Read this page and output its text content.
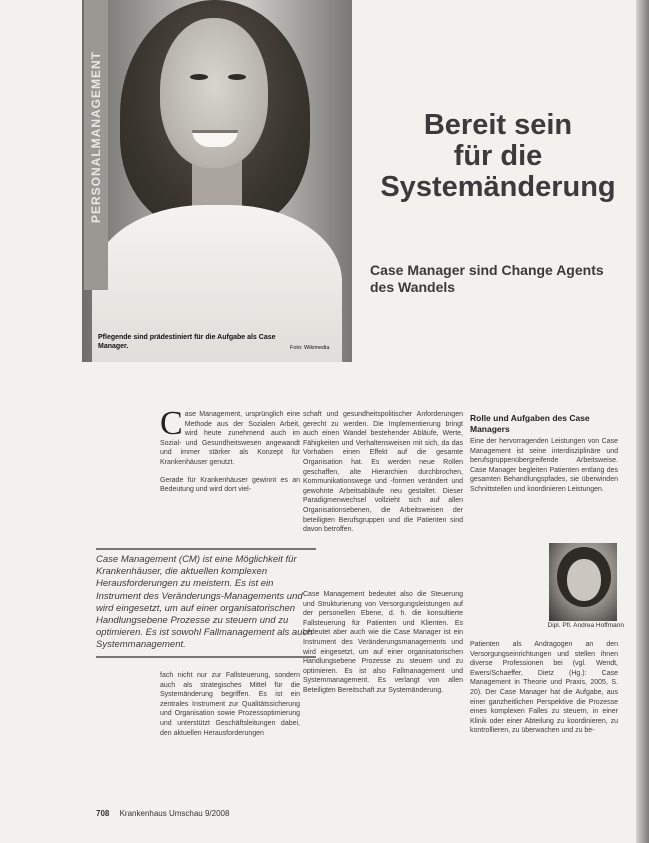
PERSONALMANAGEMENT
Pflegende sind prädestiniert für die Aufgabe als Case Manager.	Foto: Wikimedia
Bereit sein
für die
Systemänderung
Case Manager sind Change Agents des Wandels
Case Management, ursprünglich eine Methode aus der Sozialen Arbeit, wird heute zunehmend auch im Sozial- und Gesundheitswesen angewandt und immer stärker als Konzept für Krankenhäuser genutzt.
Gerade für Krankenhäuser gewinnt es an Bedeutung und wird dort viel-
Case Management (CM) ist eine Möglichkeit für Krankenhäuser, die aktuellen komplexen Herausforderungen zu meistern. Es ist ein Instrument des Veränderungs-Managements und wird eingesetzt, um auf einer organisatorischen Handlungsebene Prozesse zu steuern und zu optimieren. Es ist sowohl Fallmanagement als auch Systemmanagement.
fach nicht nur zur Fallsteuerung, sondern auch als strategisches Mittel für die Systemänderung begriffen. Es ist ein zentrales Instrument zur Qualitätssicherung und Organisation sowie Prozessoptimierung und unterstützt Geschäftsleitungen dabei, den aktuellen Herausforderungen
schaft und gesundheitspolitischer Anforderungen gerecht zu werden. Die Implementierung bringt auch einen Wandel bestehender Abläufe, Werte, Fähigkeiten und Verhaltensweisen mit sich, da das Vorhaben einen Effekt auf die gesamte Organisation hat. Es werden neue Rollen geschaffen, alte Hierarchien durchbrochen, Kommunikationswege und -formen verändert und gewohnte Arbeitsabläufe neu gestaltet. Dieser Paradigmenwechsel vollzieht sich auf allen Organisationsebenen, die Arbeitsweisen der beteiligten Berufsgruppen und die Patienten sind davon betroffen.
Case Management bedeutet also die Steuerung und Strukturierung von Versorgungsleistungen auf der personellen Ebene, d. h. die konsultierte Fallsteuerung für Patienten und Klienten. Es bedeutet aber auch wie die Case Manager ist ein Instrument des Veränderungsmanagements und wird eingesetzt, um auf einer organisatorischen Handlungsebene Prozesse zu steuern und zu optimieren. Es ist also Fallmanagement und Systemmanagement. Es verlangt von allen Beteiligten Bereitschaft zur Systemänderung.
Rolle und Aufgaben des Case Managers
Eine der hervorragenden Leistungen von Case Management ist seine interdisziplinäre und berufsgruppenübergreifende Arbeitsweise. Case Manager begleiten Patienten entlang des gesamten Behandlungspfades, sie überwinden Schnittstellen und koordinieren Leistungen.
Dipl. Pfl. Andrea Hoffmann
Patienten als Andragogen an den Versorgungseinrichtungen und stellen ihnen diverse Professionen bei (vgl. Wendt, Ewers/Schaeffer, Dietz (Hg.): Case Management in Theorie und Praxis, 2005, S. 20). Der Case Manager hat die Aufgabe, aus einer ganzheitlichen Perspektive die Prozesse eines komplexen Falles zu steuern, in einer Klinik oder einer Abteilung zu koordinieren, zu kontrollieren, zu überwachen und zu be-
708 Krankenhaus Umschau 9/2008
